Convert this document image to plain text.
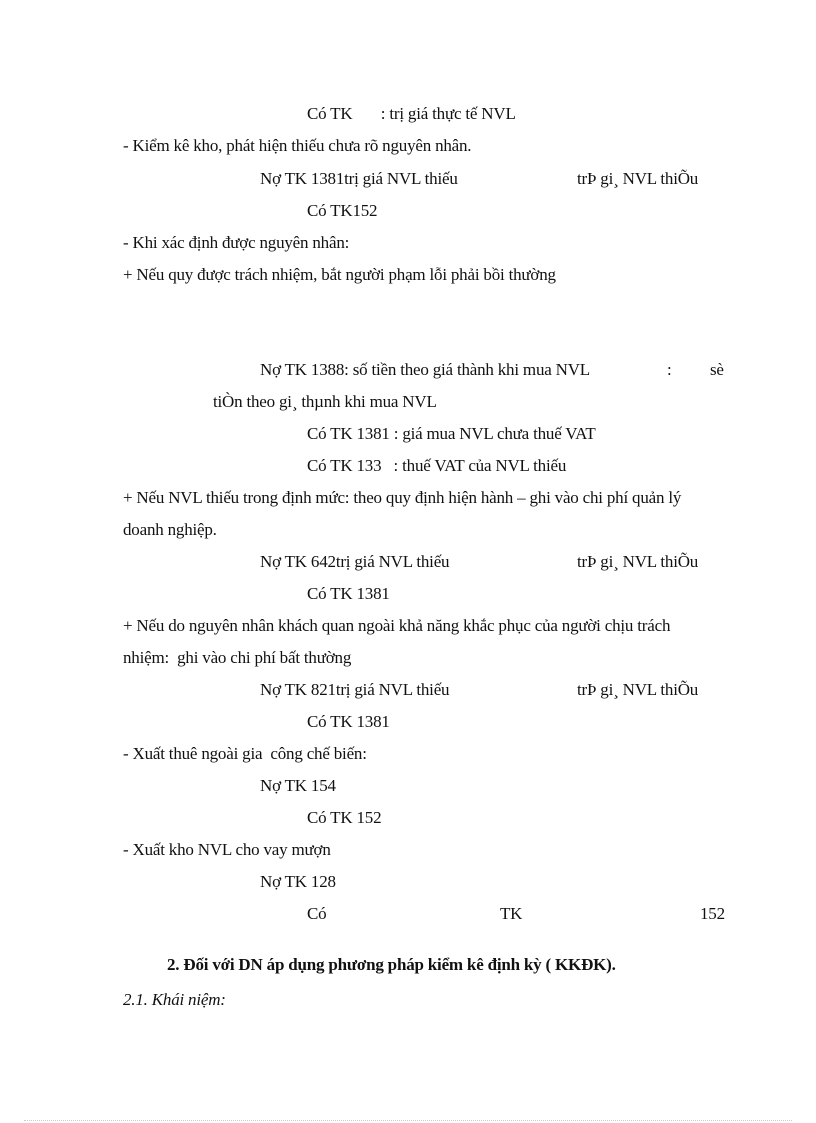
Có TK       : trị giá thực tế NVL
- Kiểm kê kho, phát hiện thiếu chưa rõ nguyên nhân.
Nợ TK 1381trị giá NVL thiếu	trÞ gi¸ NVL thiÕu
Có TK152
- Khi xác định được nguyên nhân:
+ Nếu quy được trách nhiệm, bắt người phạm lỗi phải bồi thường
Nợ TK 1388: số tiền theo giá thành khi mua NVL	: sè
tiÒn theo gi¸ thµnh khi mua NVL
Có TK 1381 : giá mua NVL chưa thuế VAT
Có TK 133   : thuế VAT của NVL thiếu
+ Nếu NVL thiếu trong định mức: theo quy định hiện hành – ghi vào chi phí quản lý
doanh nghiệp.
Nợ TK 642trị giá NVL thiếu	trÞ gi¸ NVL thiÕu
Có TK 1381
+ Nếu do nguyên nhân khách quan ngoài khả năng khắc phục của người chịu trách
nhiệm:  ghi vào chi phí bất thường
Nợ TK 821trị giá NVL thiếu	trÞ gi¸ NVL thiÕu
Có TK 1381
- Xuất thuê ngoài gia  công chế biến:
Nợ TK 154
Có TK 152
- Xuất kho NVL cho vay mượn
Nợ TK 128
Có	TK	152
2. Đối với DN áp dụng phương pháp kiểm kê định kỳ ( KKĐK).
2.1. Khái niệm:
